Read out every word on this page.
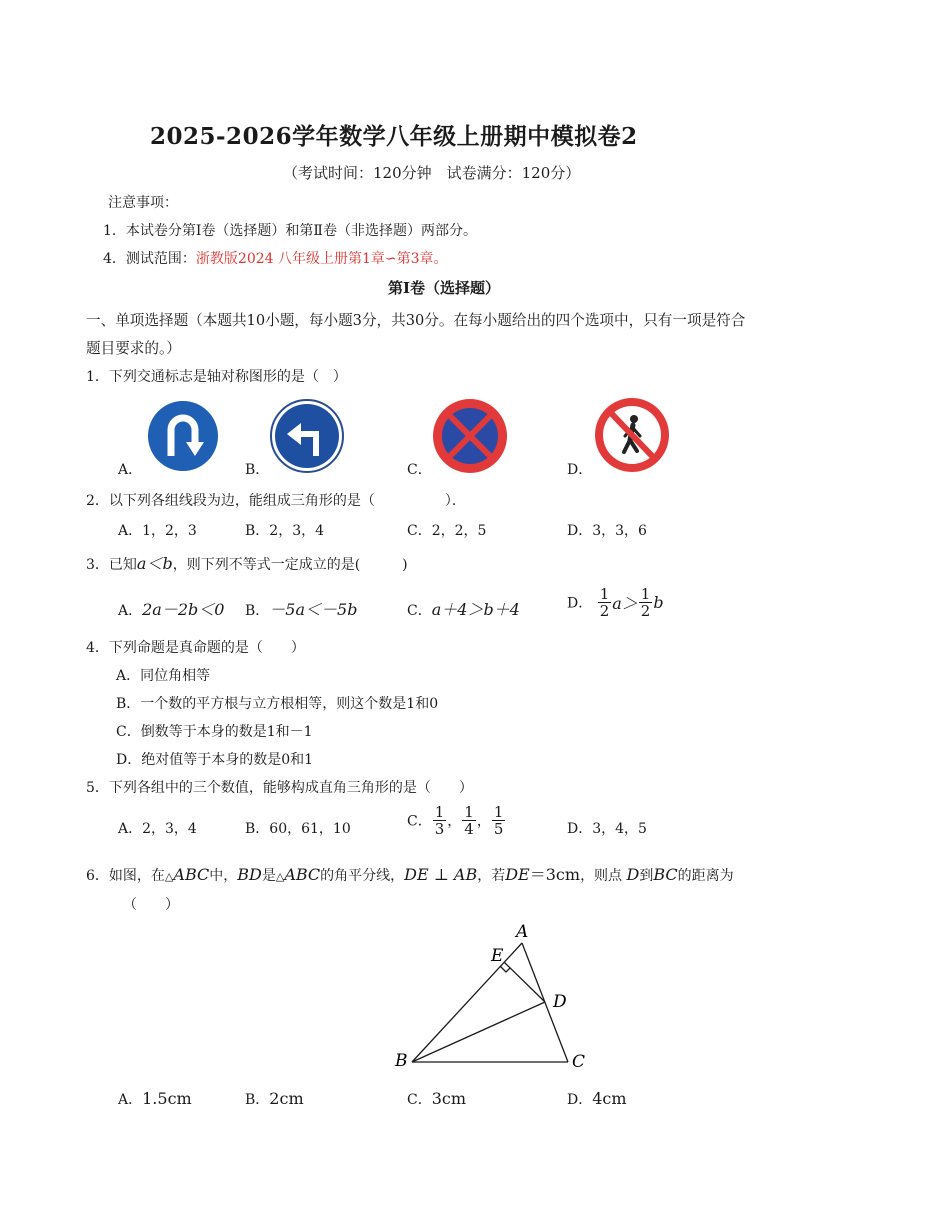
2025-2026学年数学八年级上册期中模拟卷2
（考试时间：120分钟　试卷满分：120分）
注意事项：
1．本试卷分第Ⅰ卷（选择题）和第Ⅱ卷（非选择题）两部分。
4．测试范围：浙教版2024 八年级上册第1章∽第3章。
第Ⅰ卷（选择题）
一、单项选择题（本题共10小题，每小题3分，共30分。在每小题给出的四个选项中，只有一项是符合
题目要求的。）
1．下列交通标志是轴对称图形的是（　）
A．	B．	C．	D．
2．以下列各组线段为边，能组成三角形的是（　　　　　）．
A．1，2，3	B．2，3，4	C．2，2，5	D．3，3，6
3．已知a＜b，则下列不等式一定成立的是(　　　)
A．2a－2b＜0 B．－5a＜－5b	C．a＋4＞b＋4	D． $\frac{1}{2} a> \frac{1}{2}$ b
4．下列命题是真命题的是（　　）
A．同位角相等
B．一个数的平方根与立方根相等，则这个数是1和0
C．倒数等于本身的数是1和－1
D．绝对值等于本身的数是0和1
5．下列各组中的三个数值，能够构成直角三角形的是（　　）
A．2，3，4	B．60，61，10	C． $\frac{1}{3}$ ， $\frac{1}{4}$ ， $\frac{1}{5}$	D．3，4，5
6．如图，在△ABC中，BD是△ABC的角平分线，DE ⊥ AB，若DE＝3cm，则点 D到BC的距离为
（　　）
A
E
D
B	C
A．1.5cm	B．2cm	C．3cm	D．4cm
